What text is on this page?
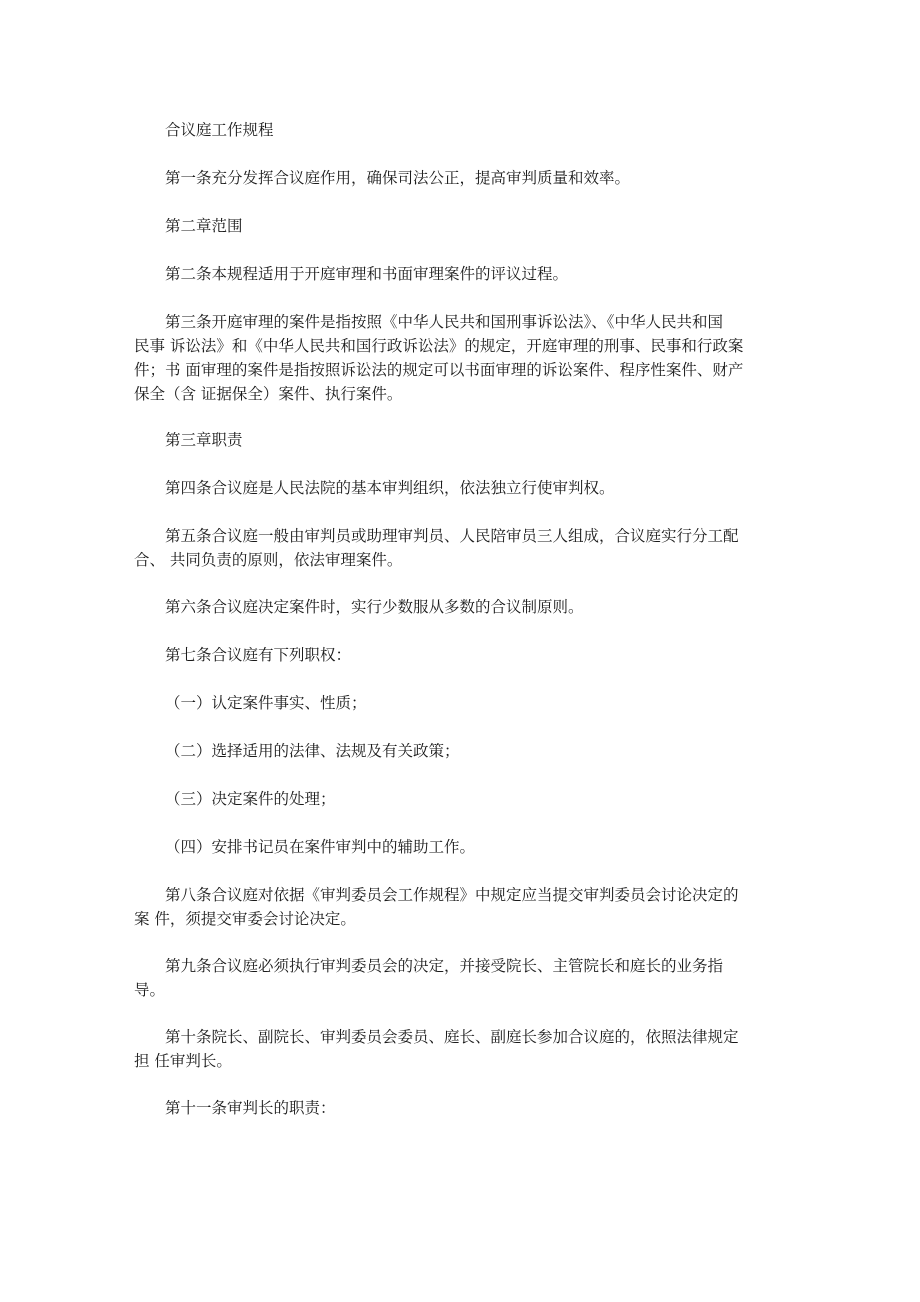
合议庭工作规程

第一条充分发挥合议庭作用，确保司法公正，提高审判质量和效率。

第二章范围

第二条本规程适用于开庭审理和书面审理案件的评议过程。

第三条开庭审理的案件是指按照《中华人民共和国刑事诉讼法》、《中华人民共和国
民事 诉讼法》和《中华人民共和国行政诉讼法》的规定，开庭审理的刑事、民事和行政案
件；书 面审理的案件是指按照诉讼法的规定可以书面审理的诉讼案件、程序性案件、财产
保全（含 证据保全）案件、执行案件。

第三章职责

第四条合议庭是人民法院的基本审判组织，依法独立行使审判权。

第五条合议庭一般由审判员或助理审判员、人民陪审员三人组成，合议庭实行分工配
合、 共同负责的原则，依法审理案件。

第六条合议庭决定案件时，实行少数服从多数的合议制原则。

第七条合议庭有下列职权：

（一）认定案件事实、性质；

（二）选择适用的法律、法规及有关政策；

（三）决定案件的处理；

（四）安排书记员在案件审判中的辅助工作。

第八条合议庭对依据《审判委员会工作规程》中规定应当提交审判委员会讨论决定的
案 件，须提交审委会讨论决定。

第九条合议庭必须执行审判委员会的决定，并接受院长、主管院长和庭长的业务指
导。

第十条院长、副院长、审判委员会委员、庭长、副庭长参加合议庭的，依照法律规定
担 任审判长。

第十一条审判长的职责：
